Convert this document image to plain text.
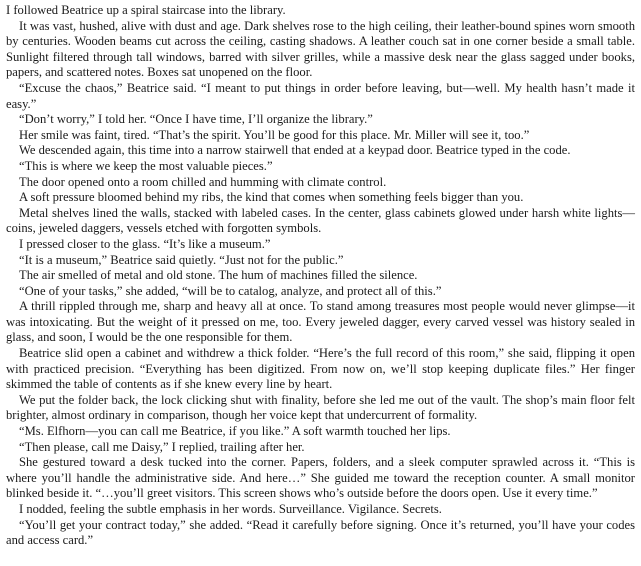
I followed Beatrice up a spiral staircase into the library.

It was vast, hushed, alive with dust and age. Dark shelves rose to the high ceiling, their leather-bound spines worn smooth by centuries. Wooden beams cut across the ceiling, casting shadows. A leather couch sat in one corner beside a small table. Sunlight filtered through tall windows, barred with silver grilles, while a massive desk near the glass sagged under books, papers, and scattered notes. Boxes sat unopened on the floor.

“Excuse the chaos,” Beatrice said. “I meant to put things in order before leaving, but—well. My health hasn’t made it easy.”

“Don’t worry,” I told her. “Once I have time, I’ll organize the library.”

Her smile was faint, tired. “That’s the spirit. You’ll be good for this place. Mr. Miller will see it, too.”

We descended again, this time into a narrow stairwell that ended at a keypad door. Beatrice typed in the code.

“This is where we keep the most valuable pieces.”

The door opened onto a room chilled and humming with climate control.

A soft pressure bloomed behind my ribs, the kind that comes when something feels bigger than you.

Metal shelves lined the walls, stacked with labeled cases. In the center, glass cabinets glowed under harsh white lights—coins, jeweled daggers, vessels etched with forgotten symbols.

I pressed closer to the glass. “It’s like a museum.”

“It is a museum,” Beatrice said quietly. “Just not for the public.”

The air smelled of metal and old stone. The hum of machines filled the silence.

“One of your tasks,” she added, “will be to catalog, analyze, and protect all of this.”

A thrill rippled through me, sharp and heavy all at once. To stand among treasures most people would never glimpse—it was intoxicating. But the weight of it pressed on me, too. Every jeweled dagger, every carved vessel was history sealed in glass, and soon, I would be the one responsible for them.

Beatrice slid open a cabinet and withdrew a thick folder. “Here’s the full record of this room,” she said, flipping it open with practiced precision. “Everything has been digitized. From now on, we’ll stop keeping duplicate files.” Her finger skimmed the table of contents as if she knew every line by heart.

We put the folder back, the lock clicking shut with finality, before she led me out of the vault. The shop’s main floor felt brighter, almost ordinary in comparison, though her voice kept that undercurrent of formality.

“Ms. Elfhorn—you can call me Beatrice, if you like.” A soft warmth touched her lips.

“Then please, call me Daisy,” I replied, trailing after her.

She gestured toward a desk tucked into the corner. Papers, folders, and a sleek computer sprawled across it. “This is where you’ll handle the administrative side. And here…” She guided me toward the reception counter. A small monitor blinked beside it. “…you’ll greet visitors. This screen shows who’s outside before the doors open. Use it every time.”

I nodded, feeling the subtle emphasis in her words. Surveillance. Vigilance. Secrets.

“You’ll get your contract today,” she added. “Read it carefully before signing. Once it’s returned, you’ll have your codes and access card.”
